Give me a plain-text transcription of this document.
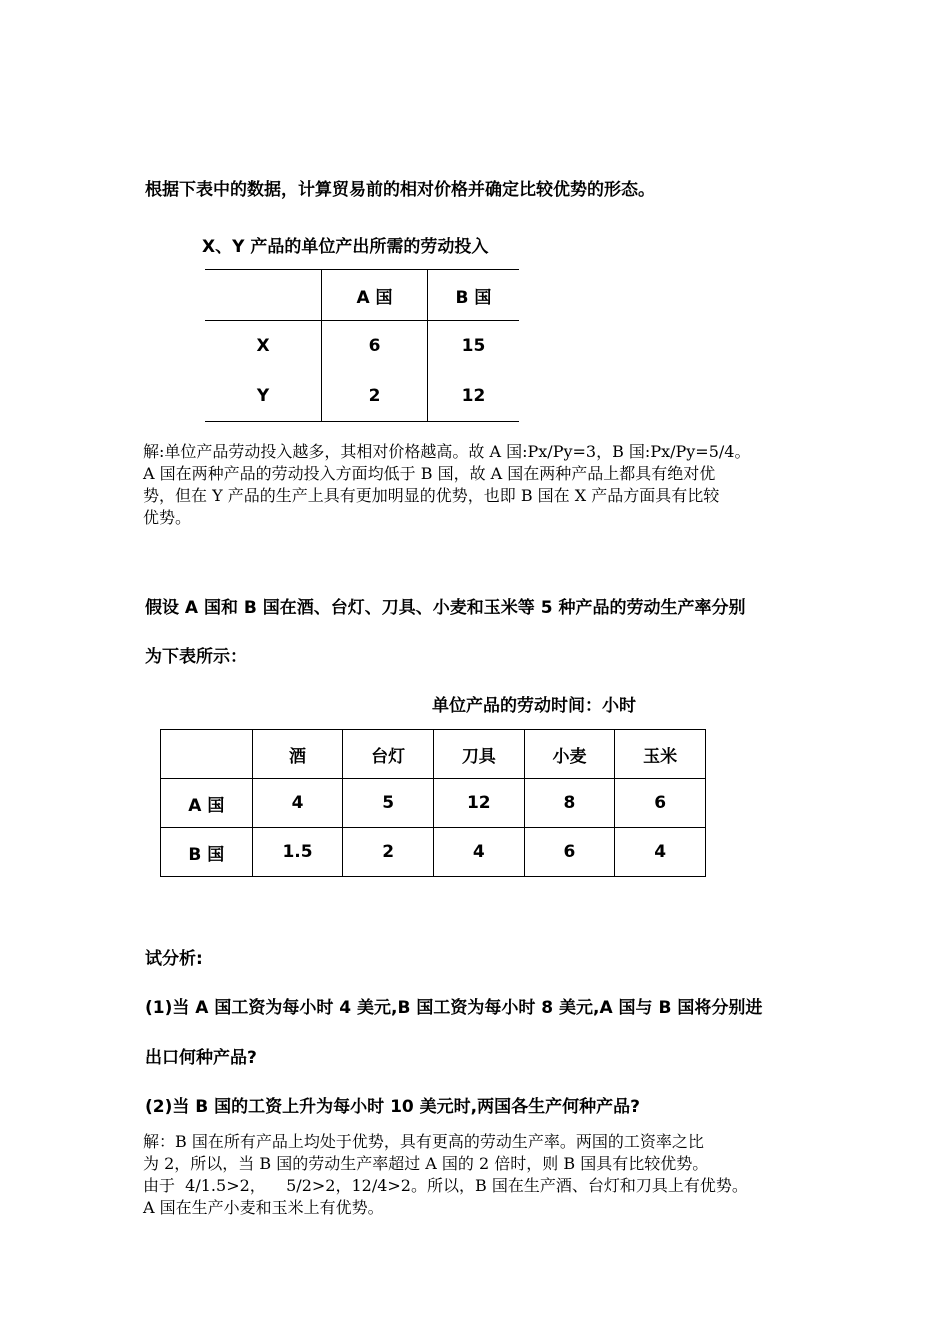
根据下表中的数据，计算贸易前的相对价格并确定比较优势的形态。
X、Y 产品的单位产出所需的劳动投入
	A 国	B 国
X	6	15
Y	2	12
解:单位产品劳动投入越多，其相对价格越高。故 A 国:Px/Py=3，B 国:Px/Py=5/4。
A 国在两种产品的劳动投入方面均低于 B 国，故 A 国在两种产品上都具有绝对优
势，但在 Y 产品的生产上具有更加明显的优势，也即 B 国在 X 产品方面具有比较
优势。
假设 A 国和 B 国在酒、台灯、刀具、小麦和玉米等 5 种产品的劳动生产率分别
为下表所示：
单位产品的劳动时间：小时
	酒	台灯	刀具	小麦	玉米
A 国	4	5	12	8	6
B 国	1.5	2	4	6	4
试分析:
(1)当 A 国工资为每小时 4 美元,B 国工资为每小时 8 美元,A 国与 B 国将分别进
出口何种产品?
(2)当 B 国的工资上升为每小时 10 美元时,两国各生产何种产品?
解：B 国在所有产品上均处于优势，具有更高的劳动生产率。两国的工资率之比
为 2，所以，当 B 国的劳动生产率超过 A 国的 2 倍时，则 B 国具有比较优势。
由于  4/1.5>2，    5/2>2，12/4>2。所以，B 国在生产酒、台灯和刀具上有优势。
A 国在生产小麦和玉米上有优势。
